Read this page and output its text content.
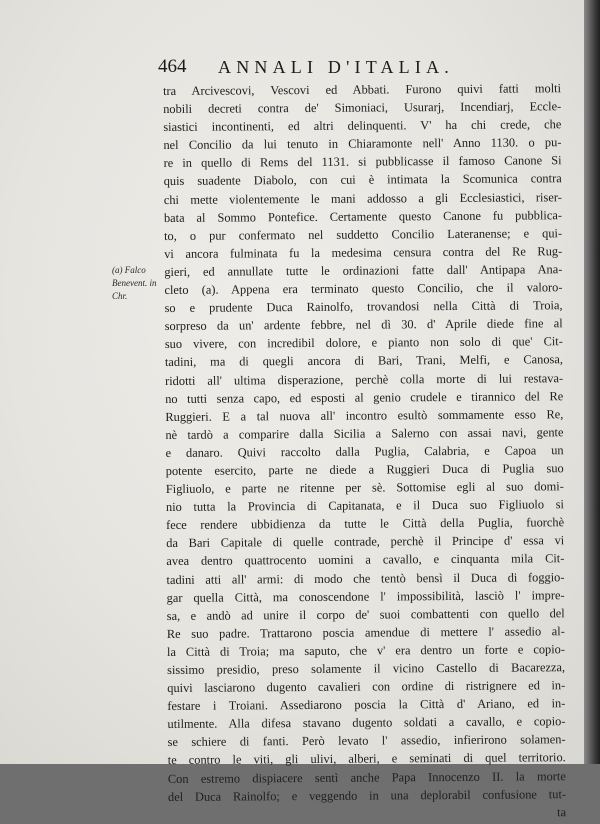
464 ANNALI D'ITALIA.
(a) Falco
Benevent. in
Chr.
tra Arcivescovi, Vescovi ed Abbati. Furono quivi fatti molti
nobili decreti contra de' Simoniaci, Usurarj, Incendiarj, Eccle-
siastici incontinenti, ed altri delinquenti. V' ha chi crede, che
nel Concilio da lui tenuto in Chiaramonte nell' Anno 1130. o pu-
re in quello di Rems del 1131. si pubblicasse il famoso Canone Si
quis suadente Diabolo, con cui è intimata la Scomunica contra
chi mette violentemente le mani addosso a gli Ecclesiastici, riser-
bata al Sommo Pontefice. Certamente questo Canone fu pubblica-
to, o pur confermato nel suddetto Concilio Lateranense; e qui-
vi ancora fulminata fu la medesima censura contra del Re Rug-
gieri, ed annullate tutte le ordinazioni fatte dall' Antipapa Ana-
cleto (a). Appena era terminato questo Concilio, che il valoro-
so e prudente Duca Rainolfo, trovandosi nella Città di Troia,
sorpreso da un' ardente febbre, nel dì 30. d' Aprile diede fine al
suo vivere, con incredibil dolore, e pianto non solo di que' Cit-
tadini, ma di quegli ancora di Bari, Trani, Melfi, e Canosa,
ridotti all' ultima disperazione, perchè colla morte di lui restava-
no tutti senza capo, ed esposti al genio crudele e tirannico del Re
Ruggieri. E a tal nuova all' incontro esultò sommamente esso Re,
nè tardò a comparire dalla Sicilia a Salerno con assai navi, gente
e danaro. Quivi raccolto dalla Puglia, Calabria, e Capoa un
potente esercito, parte ne diede a Ruggieri Duca di Puglia suo
Figliuolo, e parte ne ritenne per sè. Sottomise egli al suo domi-
nio tutta la Provincia di Capitanata, e il Duca suo Figliuolo si
fece rendere ubbidienza da tutte le Città della Puglia, fuorchè
da Bari Capitale di quelle contrade, perchè il Principe d' essa vi
avea dentro quattrocento uomini a cavallo, e cinquanta mila Cit-
tadini atti all' armi: di modo che tentò bensì il Duca di foggio-
gar quella Città, ma conoscendone l' impossibilità, lasciò l' impre-
sa, e andò ad unire il corpo de' suoi combattenti con quello del
Re suo padre. Trattarono poscia amendue di mettere l' assedio al-
la Città di Troia; ma saputo, che v' era dentro un forte e copio-
sissimo presidio, preso solamente il vicino Castello di Bacarezza,
quivi lasciarono dugento cavalieri con ordine di ristrignere ed in-
festare i Troiani. Assediarono poscia la Città d' Ariano, ed in-
utilmente. Alla difesa stavano dugento soldati a cavallo, e copio-
se schiere di fanti. Però levato l' assedio, infierirono solamen-
te contro le viti, gli ulivi, alberi, e seminati di quel territorio.
Con estremo dispiacere sentì anche Papa Innocenzo II. la morte
del Duca Rainolfo; e veggendo in una deplorabil confusione tut-
ta
